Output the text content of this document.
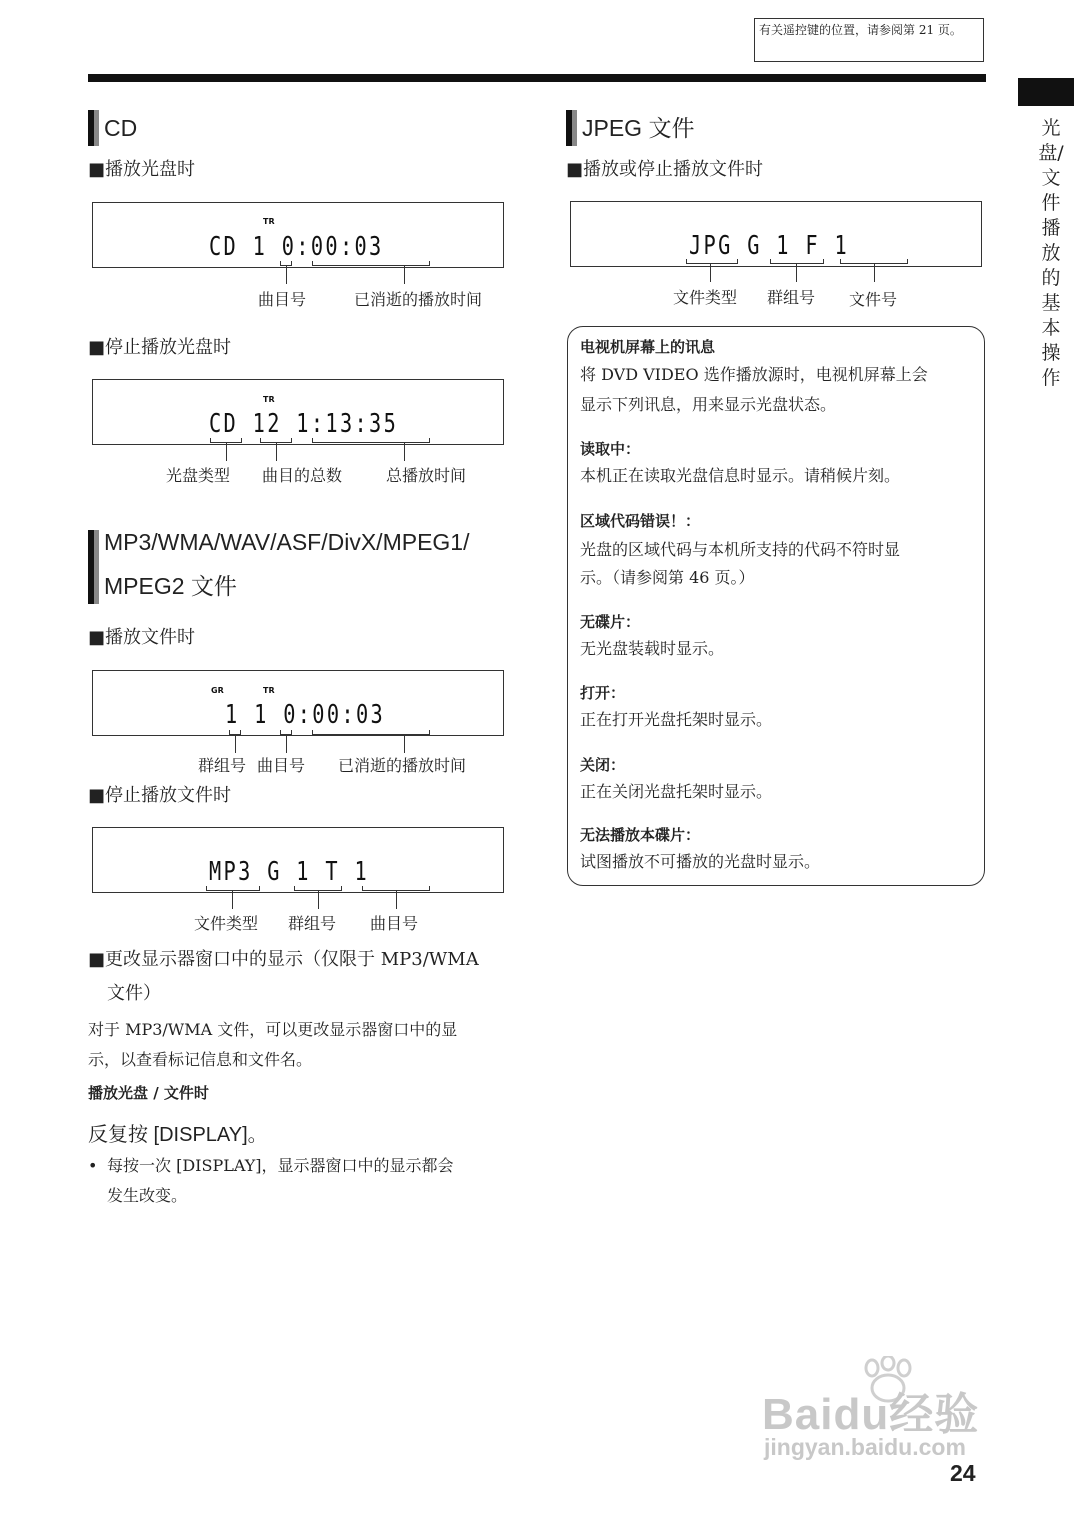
有关遥控键的位置，请参阅第 21 页。
光盘/文件播放的基本操作
CD
■播放光盘时
TR
CD 1 0:00:03
曲目号	已消逝的播放时间
■停止播放光盘时
TR
CD 12 1:13:35
光盘类型 曲目的总数	总播放时间
MP3/WMA/WAV/ASF/DivX/MPEG1/
MPEG2 文件
■播放文件时
GR	TR
1 1 0:00:03
群组号 曲目号 已消逝的播放时间
■停止播放文件时
MP3 G 1 T 1
文件类型 群组号 曲目号
■更改显示器窗口中的显示（仅限于 MP3/WMA
文件）
对于 MP3/WMA 文件，可以更改显示器窗口中的显
示，以查看标记信息和文件名。
播放光盘 / 文件时
反复按 [DISPLAY]。
• 每按一次 [DISPLAY]，显示器窗口中的显示都会
发生改变。
JPEG 文件
■播放或停止播放文件时
JPG G 1 F 1
文件类型 群组号 文件号
电视机屏幕上的讯息
将 DVD VIDEO 选作播放源时，电视机屏幕上会
显示下列讯息，用来显示光盘状态。
读取中：
本机正在读取光盘信息时显示。请稍候片刻。
区域代码错误！：
光盘的区域代码与本机所支持的代码不符时显
示。（请参阅第 46 页。）
无碟片：
无光盘装载时显示。
打开：
正在打开光盘托架时显示。
关闭：
正在关闭光盘托架时显示。
无法播放本碟片：
试图播放不可播放的光盘时显示。
Baidu经验
jingyan.baidu.com
24
